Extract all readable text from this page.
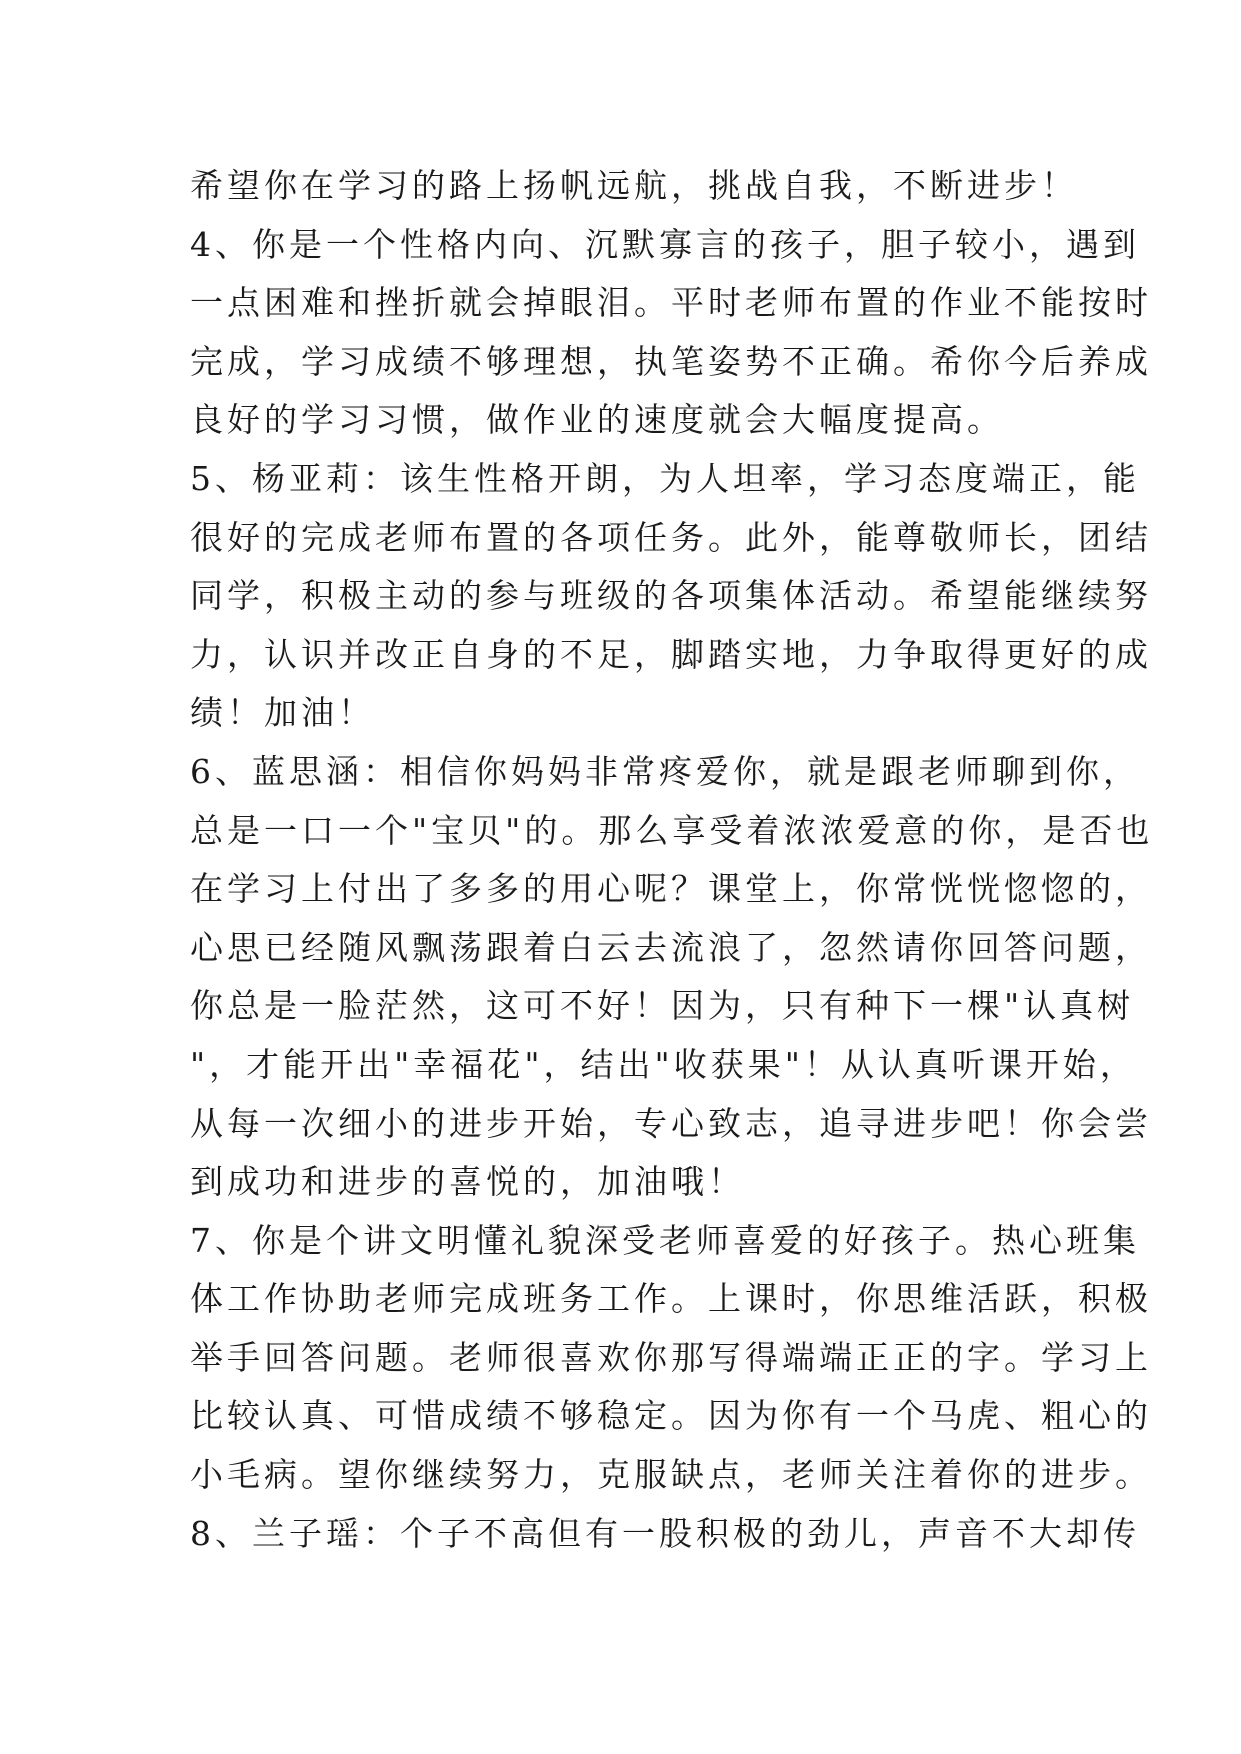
希望你在学习的路上扬帆远航，挑战自我，不断进步！
4、你是一个性格内向、沉默寡言的孩子，胆子较小，遇到
一点困难和挫折就会掉眼泪。平时老师布置的作业不能按时
完成，学习成绩不够理想，执笔姿势不正确。希你今后养成
良好的学习习惯，做作业的速度就会大幅度提高。
5、杨亚莉：该生性格开朗，为人坦率，学习态度端正，能
很好的完成老师布置的各项任务。此外，能尊敬师长，团结
同学，积极主动的参与班级的各项集体活动。希望能继续努
力，认识并改正自身的不足，脚踏实地，力争取得更好的成
绩！加油！
6、蓝思涵：相信你妈妈非常疼爱你，就是跟老师聊到你，
总是一口一个"宝贝"的。那么享受着浓浓爱意的你，是否也
在学习上付出了多多的用心呢？课堂上，你常恍恍惚惚的，
心思已经随风飘荡跟着白云去流浪了，忽然请你回答问题，
你总是一脸茫然，这可不好！因为，只有种下一棵"认真树
"，才能开出"幸福花"，结出"收获果"！从认真听课开始，
从每一次细小的进步开始，专心致志，追寻进步吧！你会尝
到成功和进步的喜悦的，加油哦！
7、你是个讲文明懂礼貌深受老师喜爱的好孩子。热心班集
体工作协助老师完成班务工作。上课时，你思维活跃，积极
举手回答问题。老师很喜欢你那写得端端正正的字。学习上
比较认真、可惜成绩不够稳定。因为你有一个马虎、粗心的
小毛病。望你继续努力，克服缺点，老师关注着你的进步。
8、兰子瑶：个子不高但有一股积极的劲儿，声音不大却传
